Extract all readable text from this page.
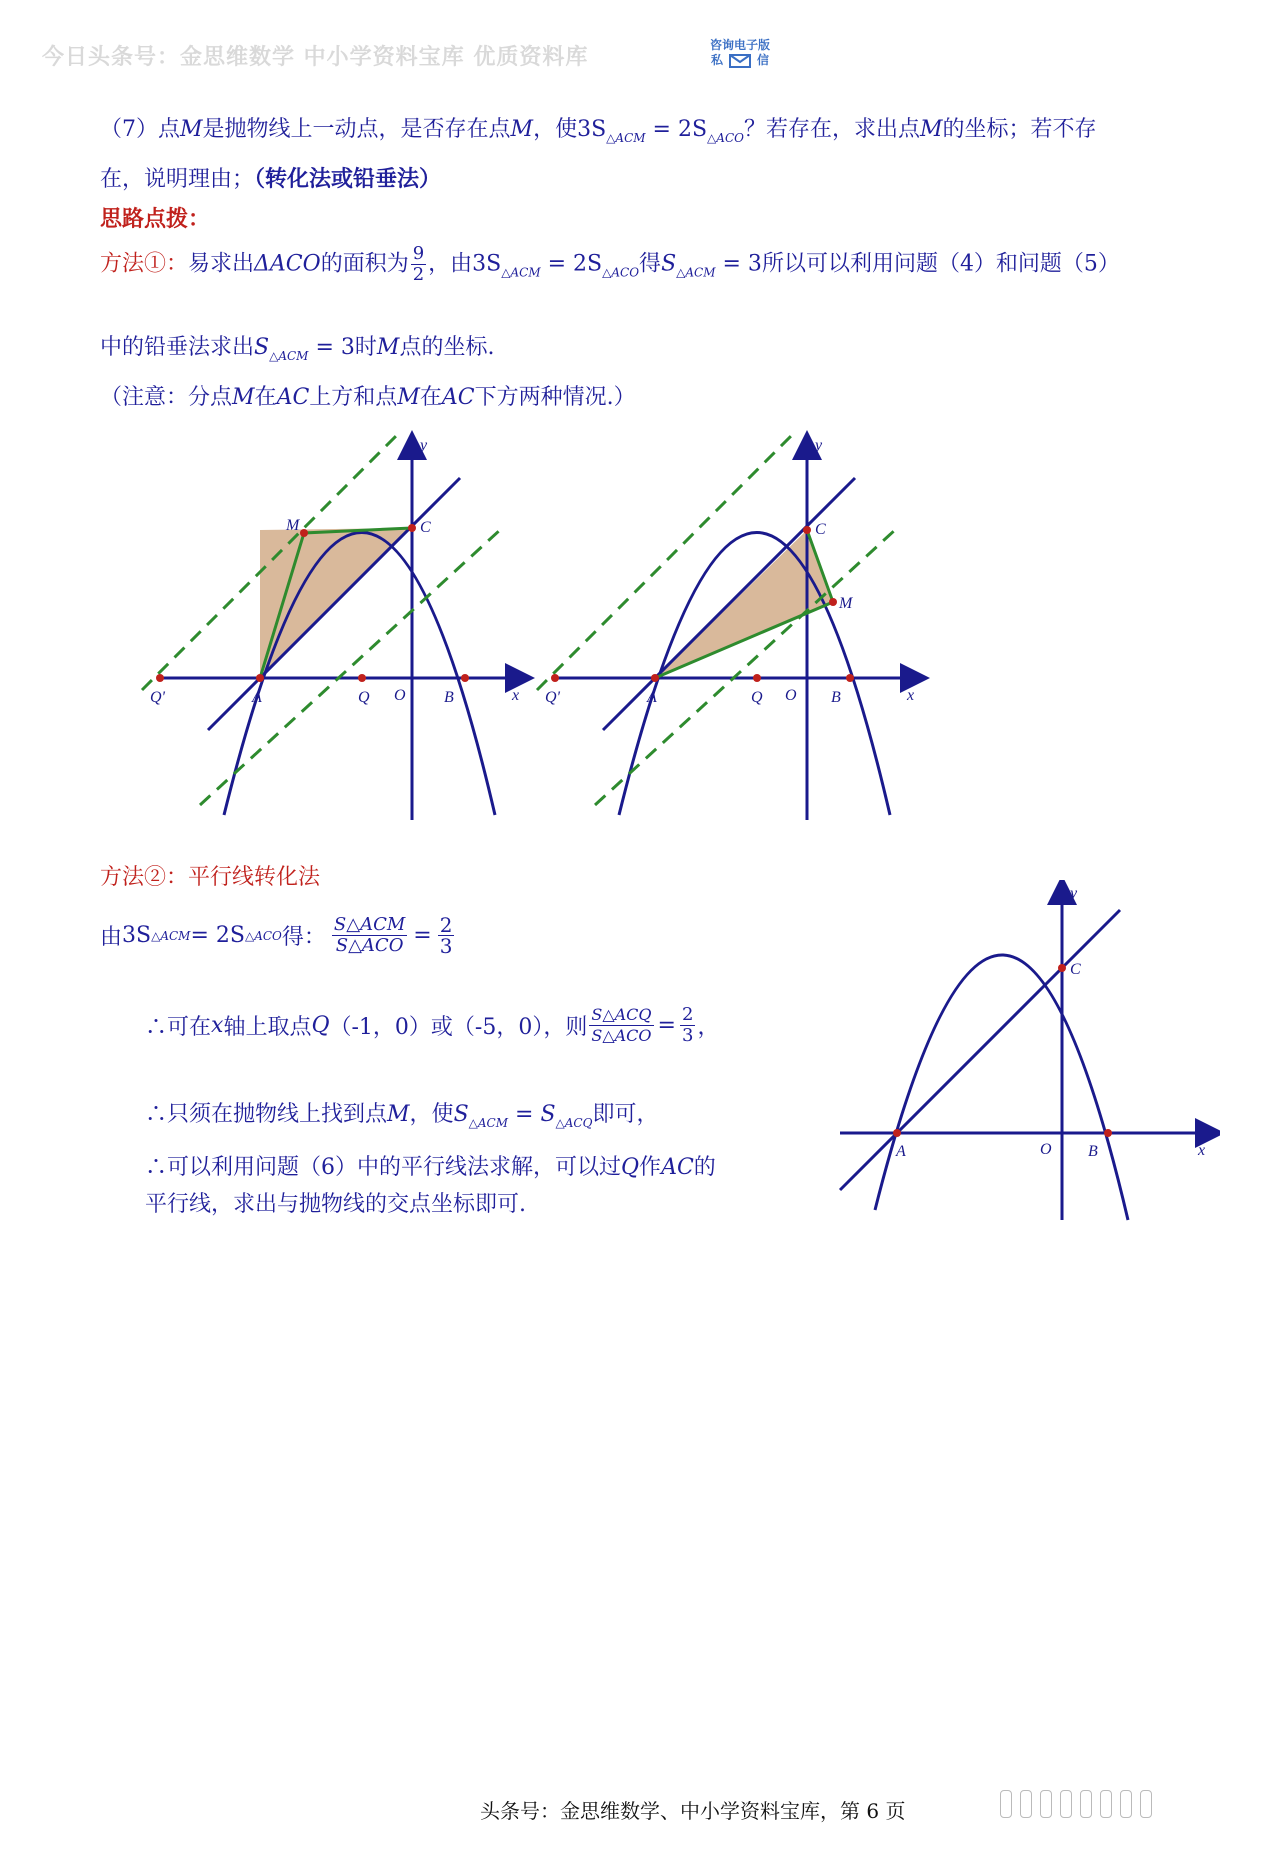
今日头条号：金思维数学 中小学资料宝库 优质资料库	咨询电子版
私	信
（7）点M是抛物线上一动点，是否存在点M，使$3S_{\triangle ACM} = 2S_{\triangle ACO}$？若存在，求出点M的坐标；若不存
在，说明理由；（转化法或铅垂法）
思路点拨：
方法①：易求出ΔACO的面积为 $\frac{9}{2}$ ，由$3S_{\triangle ACM} = 2S_{\triangle ACO}$得$S_{\triangle ACM} = 3$所以可以利用问题（4）和问题（5）
中的铅垂法求出$S_{\triangle ACM} = 3$时M点的坐标.
（注意：分点M在AC上方和点M在AC下方两种情况.）
y
x
A	Q
Q'	O B
C
M
y
x
A	Q
Q'	O B
C
M
方法②：平行线转化法
由 3S △ACM = 2S △ACO 得： $\frac{\text{S△ACM}}{\text{S△ACO}} = \frac{2}{3}$
∴可在 x 轴上取点 Q （-1，0）或（-5，0），则 $\frac{\text{S△ACQ}}{\text{S△ACO}} = \frac{2}{3}$ ，
∴只须在抛物线上找到点M，使$S_{\triangle ACM} = S_{\triangle ACQ}$即可，
∴可以利用问题（6）中的平行线法求解，可以过Q作AC的
平行线，求出与抛物线的交点坐标即可.
y
x
A	O B
C
头条号：金思维数学、中小学资料宝库，第 6 页
